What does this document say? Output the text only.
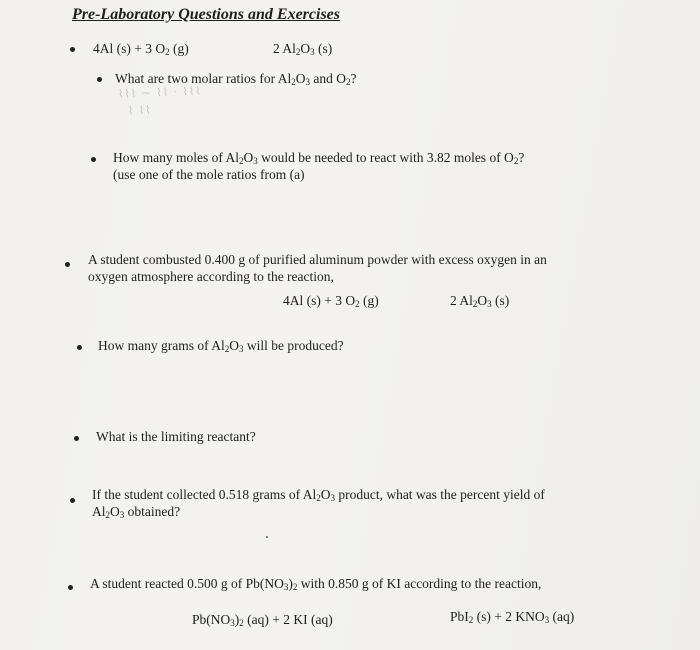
Pre-Laboratory Questions and Exercises
4Al (s) + 3 $O_2$ (g)	2 $Al_2O_3$ (s)
What are two molar ratios for $Al_2O_3$ and $O_2$?
⌇⌇⌇ ~ ⌇⌇ · ⌇⌇⌇
⌇ ⌇⌇
How many moles of $Al_2O_3$ would be needed to react with 3.82 moles of $O_2$?
(use one of the mole ratios from (a)
A student combusted 0.400 g of purified aluminum powder with excess oxygen in an
oxygen atmosphere according to the reaction,
4Al (s) + 3 $O_2$ (g)	2 $Al_2O_3$ (s)
How many grams of $Al_2O_3$ will be produced?
What is the limiting reactant?
If the student collected 0.518 grams of $Al_2O_3$ product, what was the percent yield of
$Al_2O_3$ obtained?
A student reacted 0.500 g of $Pb(NO_3)_2$ with 0.850 g of KI according to the reaction,
$Pb(NO_3)_2$ (aq) + 2 KI (aq)	PbI$_2$ (s) + 2 $KNO_3$ (aq)
